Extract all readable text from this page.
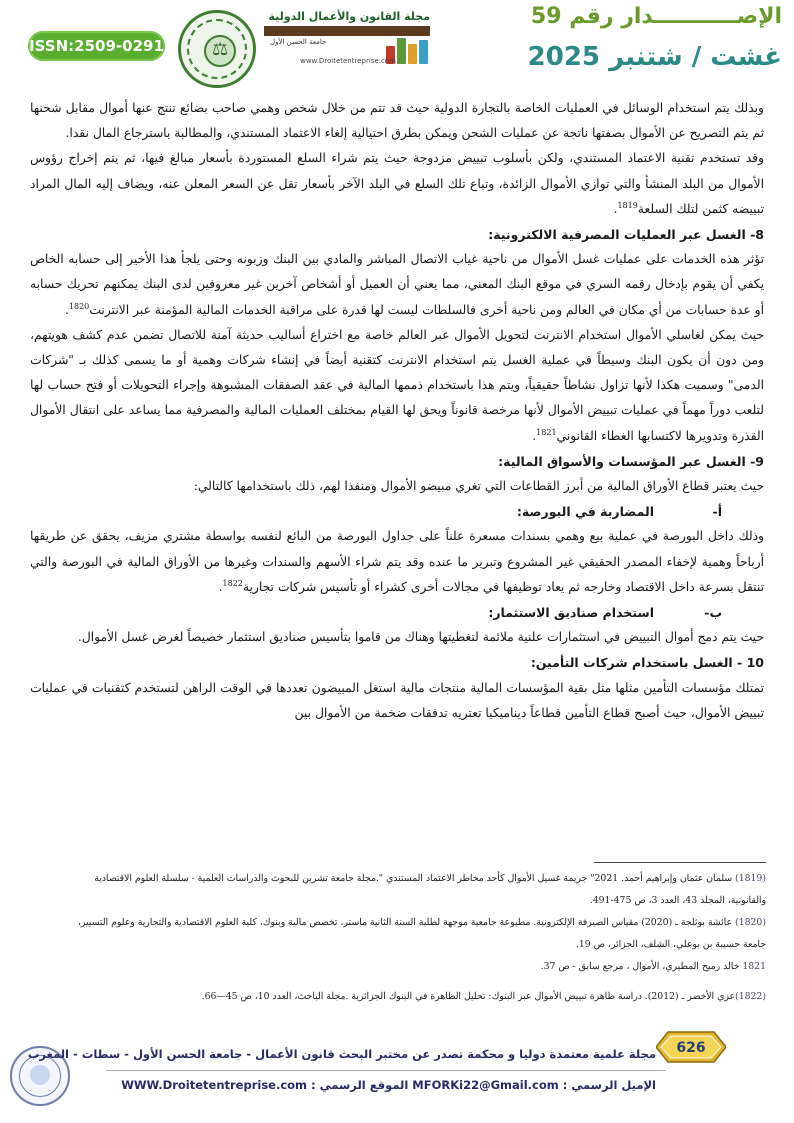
ISSN:2509-0291	⚖
مجلة القانون والأعمال الدولية
جامعة الحسن الأول
www.Droitetentreprise.com
الإصـــــــــــدار رقم 59
غشت / شتنبر 2025

وبذلك يتم استخدام الوسائل في العمليات الخاصة بالتجارة الدولية حيث قد تتم من خلال شخص وهمي صاحب بضائع تنتج عنها أموال مقابل شحنها ثم يتم التصريح عن الأموال بصفتها ناتجة عن عمليات الشحن ويمكن بطرق احتيالية إلغاء الاعتماد المستندي، والمطالبة باسترجاع المال نقدا.

وقد تستخدم تقنية الاعتماد المستندي، ولكن بأسلوب تبييض مزدوجة حيث يتم شراء السلع المستوردة بأسعار مبالغ فيها، ثم يتم إخراج رؤوس الأموال من البلد المنشأ والتي توازي الأموال الزائدة، وتباع تلك السلع في البلد الآخر بأسعار تقل عن السعر المعلن عنه، ويضاف إليه المال المراد تبييضه كثمن لتلك السلعة$^{1819}$.

8- الغسل عبر العمليات المصرفية الالكترونية:

تؤثر هذه الخدمات على عمليات غسل الأموال من ناحية غياب الاتصال المباشر والمادي بين البنك وزبونه وحتى يلجأ هذا الأخير إلى حسابه الخاص يكفي أن يقوم بإدخال رقمه السري في موقع البنك المعني، مما يعني أن العميل أو أشخاص آخرين غير معروفين لدى البنك يمكنهم تحريك حسابه أو عدة حسابات من أي مكان في العالم ومن ناحية أخرى فالسلطات ليست لها قدرة على مراقبة الخدمات المالية المؤمنة عبر الانترنت$^{1820}$.

حيث يمكن لغاسلي الأموال استخدام الانترنت لتحويل الأموال عبر العالم خاصة مع اختراع أساليب حديثة آمنة للاتصال تضمن عدم كشف هويتهم، ومن دون أن يكون البنك وسيطاً في عملية الغسل يتم استخدام الانترنت كتقنية أيضاً في إنشاء شركات وهمية أو ما يسمى كذلك بـ "شركات الدمى" وسميت هكذا لأنها تزاول نشاطاً حقيقياً، ويتم هذا باستخدام ذممها المالية في عقد الصفقات المشبوهة وإجراء التحويلات أو فتح حساب لها لتلعب دوراً مهماً في عمليات تبييض الأموال لأنها مرخصة قانوناً ويحق لها القيام بمختلف العمليات المالية والمصرفية مما يساعد على انتقال الأموال القذرة وتدويرها لاكتسابها الغطاء القانوني$^{1821}$.

9- الغسل عبر المؤسسات والأسواق المالية:

حيث يعتبر قطاع الأوراق المالية من أبرز القطاعات التي تغري مبيضو الأموال ومنفذا لهم، ذلك باستخدامها كالتالي:

أ-المضاربة في البورصة:

وذلك داخل البورصة في عملية بيع وهمي بسندات مسعرة علناً على جداول البورصة من البائع لنفسه بواسطة مشتري مزيف، يحقق عن طريقها أرباحاً وهمية لإخفاء المصدر الحقيقي غير المشروع وتبرير ما عنده وقد يتم شراء الأسهم والسندات وغيرها من الأوراق المالية في البورصة والتي تنتقل بسرعة داخل الاقتصاد وخارجه ثم يعاد توظيفها في مجالات أخرى كشراء أو تأسيس شركات تجارية$^{1822}$.

ب-استخدام صناديق الاستثمار:

حيث يتم دمج أموال التبييض في استثمارات علنية ملائمة لتغطيتها وهناك من قاموا بتأسيس صناديق استثمار خصيصاً لغرض غسل الأموال.

10 - الغسل باستخدام شركات التأمين:

تمتلك مؤسسات التأمين مثلها مثل بقية المؤسسات المالية منتجات مالية استغل المبيضون تعددها في الوقت الراهن لتستخدم كتقنيات في عمليات تبييض الأموال، حيث أصبح قطاع التأمين قطاعاً ديناميكيا تعتريه تدفقات ضخمة من الأموال بين

(1819) سلمان عثمان وإبراهيم أحمد. 2021" جريمة غسيل الأموال كأحد مخاطر الاعتماد المستندي ".مجلة جامعة تشرين للبحوث والدراسات العلمية - سلسلة العلوم الاقتصادية والقانونية، المجلد 43، العدد 3، ص 475-491.

(1820) عائشة بوثلجة ـ (2020) مقياس الصيرفة الإلكترونية. مطبوعة جامعية موجهة لطلبة السنة الثانية ماستر، تخصص مالية وبنوك، كلية العلوم الاقتصادية والتجارية وعلوم التسيير، جامعة حسيبة بن بوعلي، الشلف، الجزائر، ص 19.

1821 خالد رميح المطيري، الأموال ، مرجع سابق - ص 37.

(1822)عزي الأخضر ـ (2012). دراسة ظاهرة تبييض الأموال عبر البنوك: تحليل الظاهرة في البنوك الجزائرية .مجلة الباحث، العدد 10، ص 45—66.

مجلة علمية معتمدة دوليا و محكمة تصدر عن مختبر البحث قانون الأعمال - جامعة الحسن الأول - سطات - المغرب
الإميل الرسمي : MFORKi22@Gmail.com الموقع الرسمي : WWW.Droitetentreprise.com
626
